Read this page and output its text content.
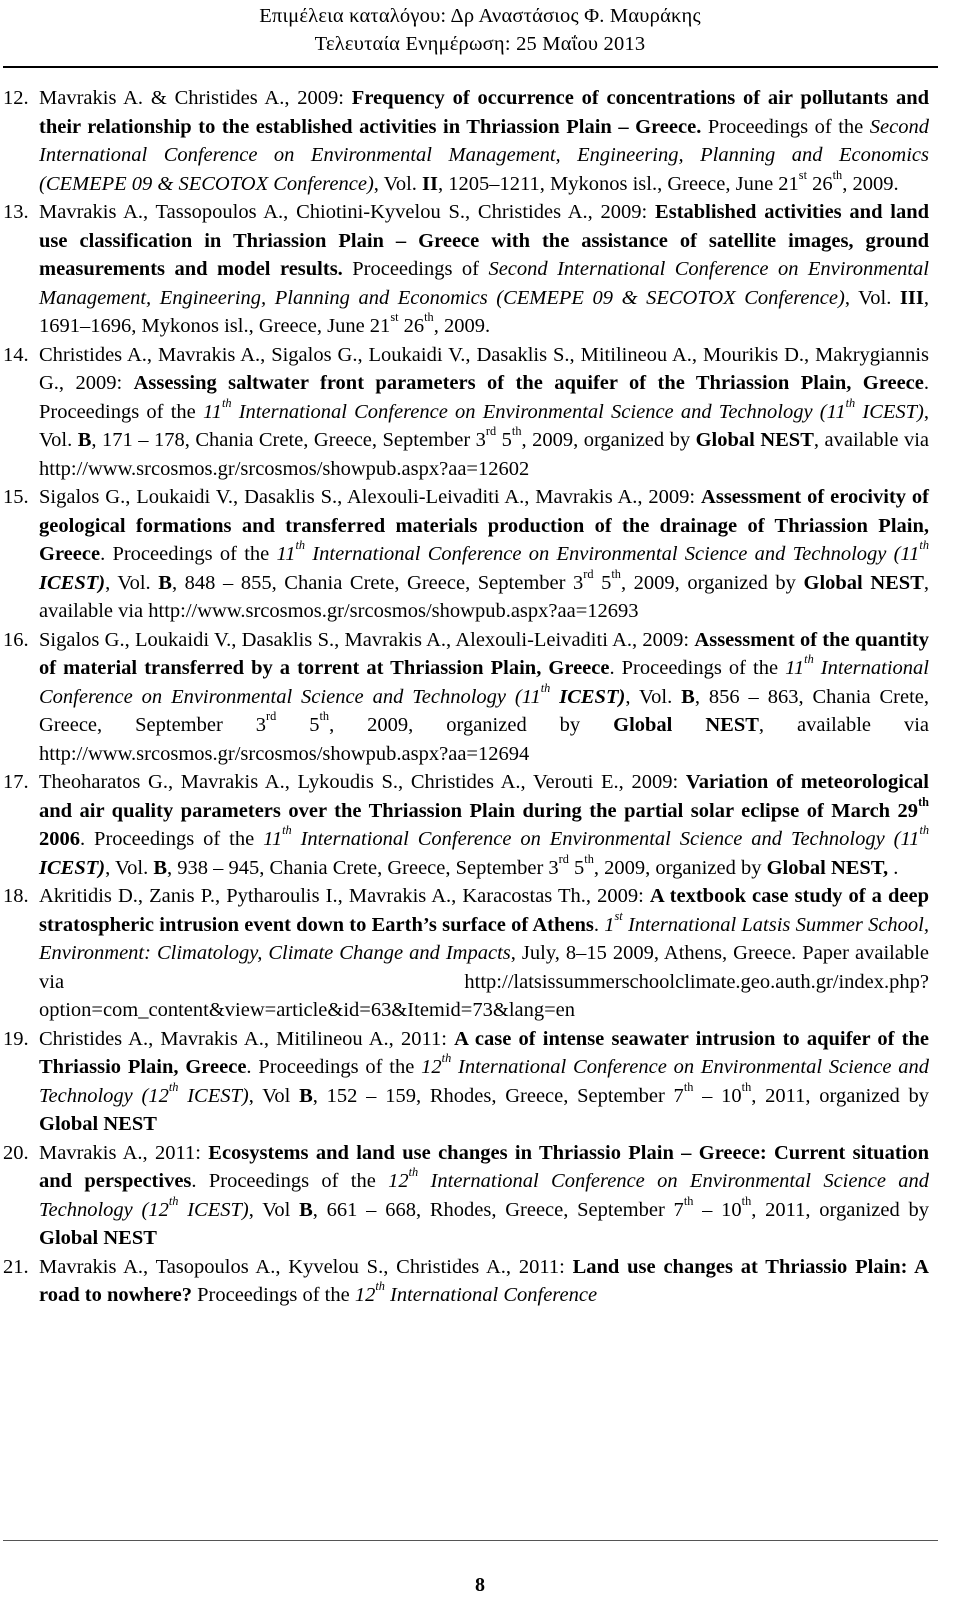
Επιμέλεια καταλόγου: Δρ Αναστάσιος Φ. Μαυράκης
Τελευταία Ενημέρωση: 25 Μαΐου 2013

12. Mavrakis A. & Christides A., 2009: Frequency of occurrence of concentrations of air pollutants and their relationship to the established activities in Thriassion Plain – Greece. Proceedings of the Second International Conference on Environmental Management, Engineering, Planning and Economics (CEMEPE 09 & SECOTOX Conference), Vol. II, 1205–1211, Mykonos isl., Greece, June 21st 26th, 2009.

13. Mavrakis A., Tassopoulos A., Chiotini-Kyvelou S., Christides A., 2009: Established activities and land use classification in Thriassion Plain – Greece with the assistance of satellite images, ground measurements and model results. Proceedings of Second International Conference on Environmental Management, Engineering, Planning and Economics (CEMEPE 09 & SECOTOX Conference), Vol. III, 1691–1696, Mykonos isl., Greece, June 21st 26th, 2009.

14. Christides A., Mavrakis A., Sigalos G., Loukaidi V., Dasaklis S., Mitilineou A., Mourikis D., Makrygiannis G., 2009: Assessing saltwater front parameters of the aquifer of the Thriassion Plain, Greece. Proceedings of the 11th International Conference on Environmental Science and Technology (11th ICEST), Vol. B, 171 – 178, Chania Crete, Greece, September 3rd 5th, 2009, organized by Global NEST, available via http://www.srcosmos.gr/srcosmos/showpub.aspx?aa=12602

15. Sigalos G., Loukaidi V., Dasaklis S., Alexouli-Leivaditi A., Mavrakis A., 2009: Assessment of erocivity of geological formations and transferred materials production of the drainage of Thriassion Plain, Greece. Proceedings of the 11th International Conference on Environmental Science and Technology (11th ICEST), Vol. B, 848 – 855, Chania Crete, Greece, September 3rd 5th, 2009, organized by Global NEST, available via http://www.srcosmos.gr/srcosmos/showpub.aspx?aa=12693

16. Sigalos G., Loukaidi V., Dasaklis S., Mavrakis A., Alexouli-Leivaditi A., 2009: Assessment of the quantity of material transferred by a torrent at Thriassion Plain, Greece. Proceedings of the 11th International Conference on Environmental Science and Technology (11th ICEST), Vol. B, 856 – 863, Chania Crete, Greece, September 3rd 5th, 2009, organized by Global NEST, available via http://www.srcosmos.gr/srcosmos/showpub.aspx?aa=12694

17. Theoharatos G., Mavrakis A., Lykoudis S., Christides A., Verouti E., 2009: Variation of meteorological and air quality parameters over the Thriassion Plain during the partial solar eclipse of March 29th 2006. Proceedings of the 11th International Conference on Environmental Science and Technology (11th ICEST), Vol. B, 938 – 945, Chania Crete, Greece, September 3rd 5th, 2009, organized by Global NEST, .

18. Akritidis D., Zanis P., Pytharoulis I., Mavrakis A., Karacostas Th., 2009: A textbook case study of a deep stratospheric intrusion event down to Earth’s surface of Athens. 1st International Latsis Summer School, Environment: Climatology, Climate Change and Impacts, July, 8–15 2009, Athens, Greece. Paper available via http://latsissummerschoolclimate.geo.auth.gr/index.php?option=com_content&view=article&id=63&Itemid=73&lang=en

19. Christides A., Mavrakis A., Mitilineou A., 2011: A case of intense seawater intrusion to aquifer of the Thriassio Plain, Greece. Proceedings of the 12th International Conference on Environmental Science and Technology (12th ICEST), Vol B, 152 – 159, Rhodes, Greece, September 7th – 10th, 2011, organized by Global NEST

20. Mavrakis A., 2011: Ecosystems and land use changes in Thriassio Plain – Greece: Current situation and perspectives. Proceedings of the 12th International Conference on Environmental Science and Technology (12th ICEST), Vol B, 661 – 668, Rhodes, Greece, September 7th – 10th, 2011, organized by Global NEST

21. Mavrakis A., Tasopoulos A., Kyvelou S., Christides A., 2011: Land use changes at Thriassio Plain: A road to nowhere? Proceedings of the 12th International Conference

8
